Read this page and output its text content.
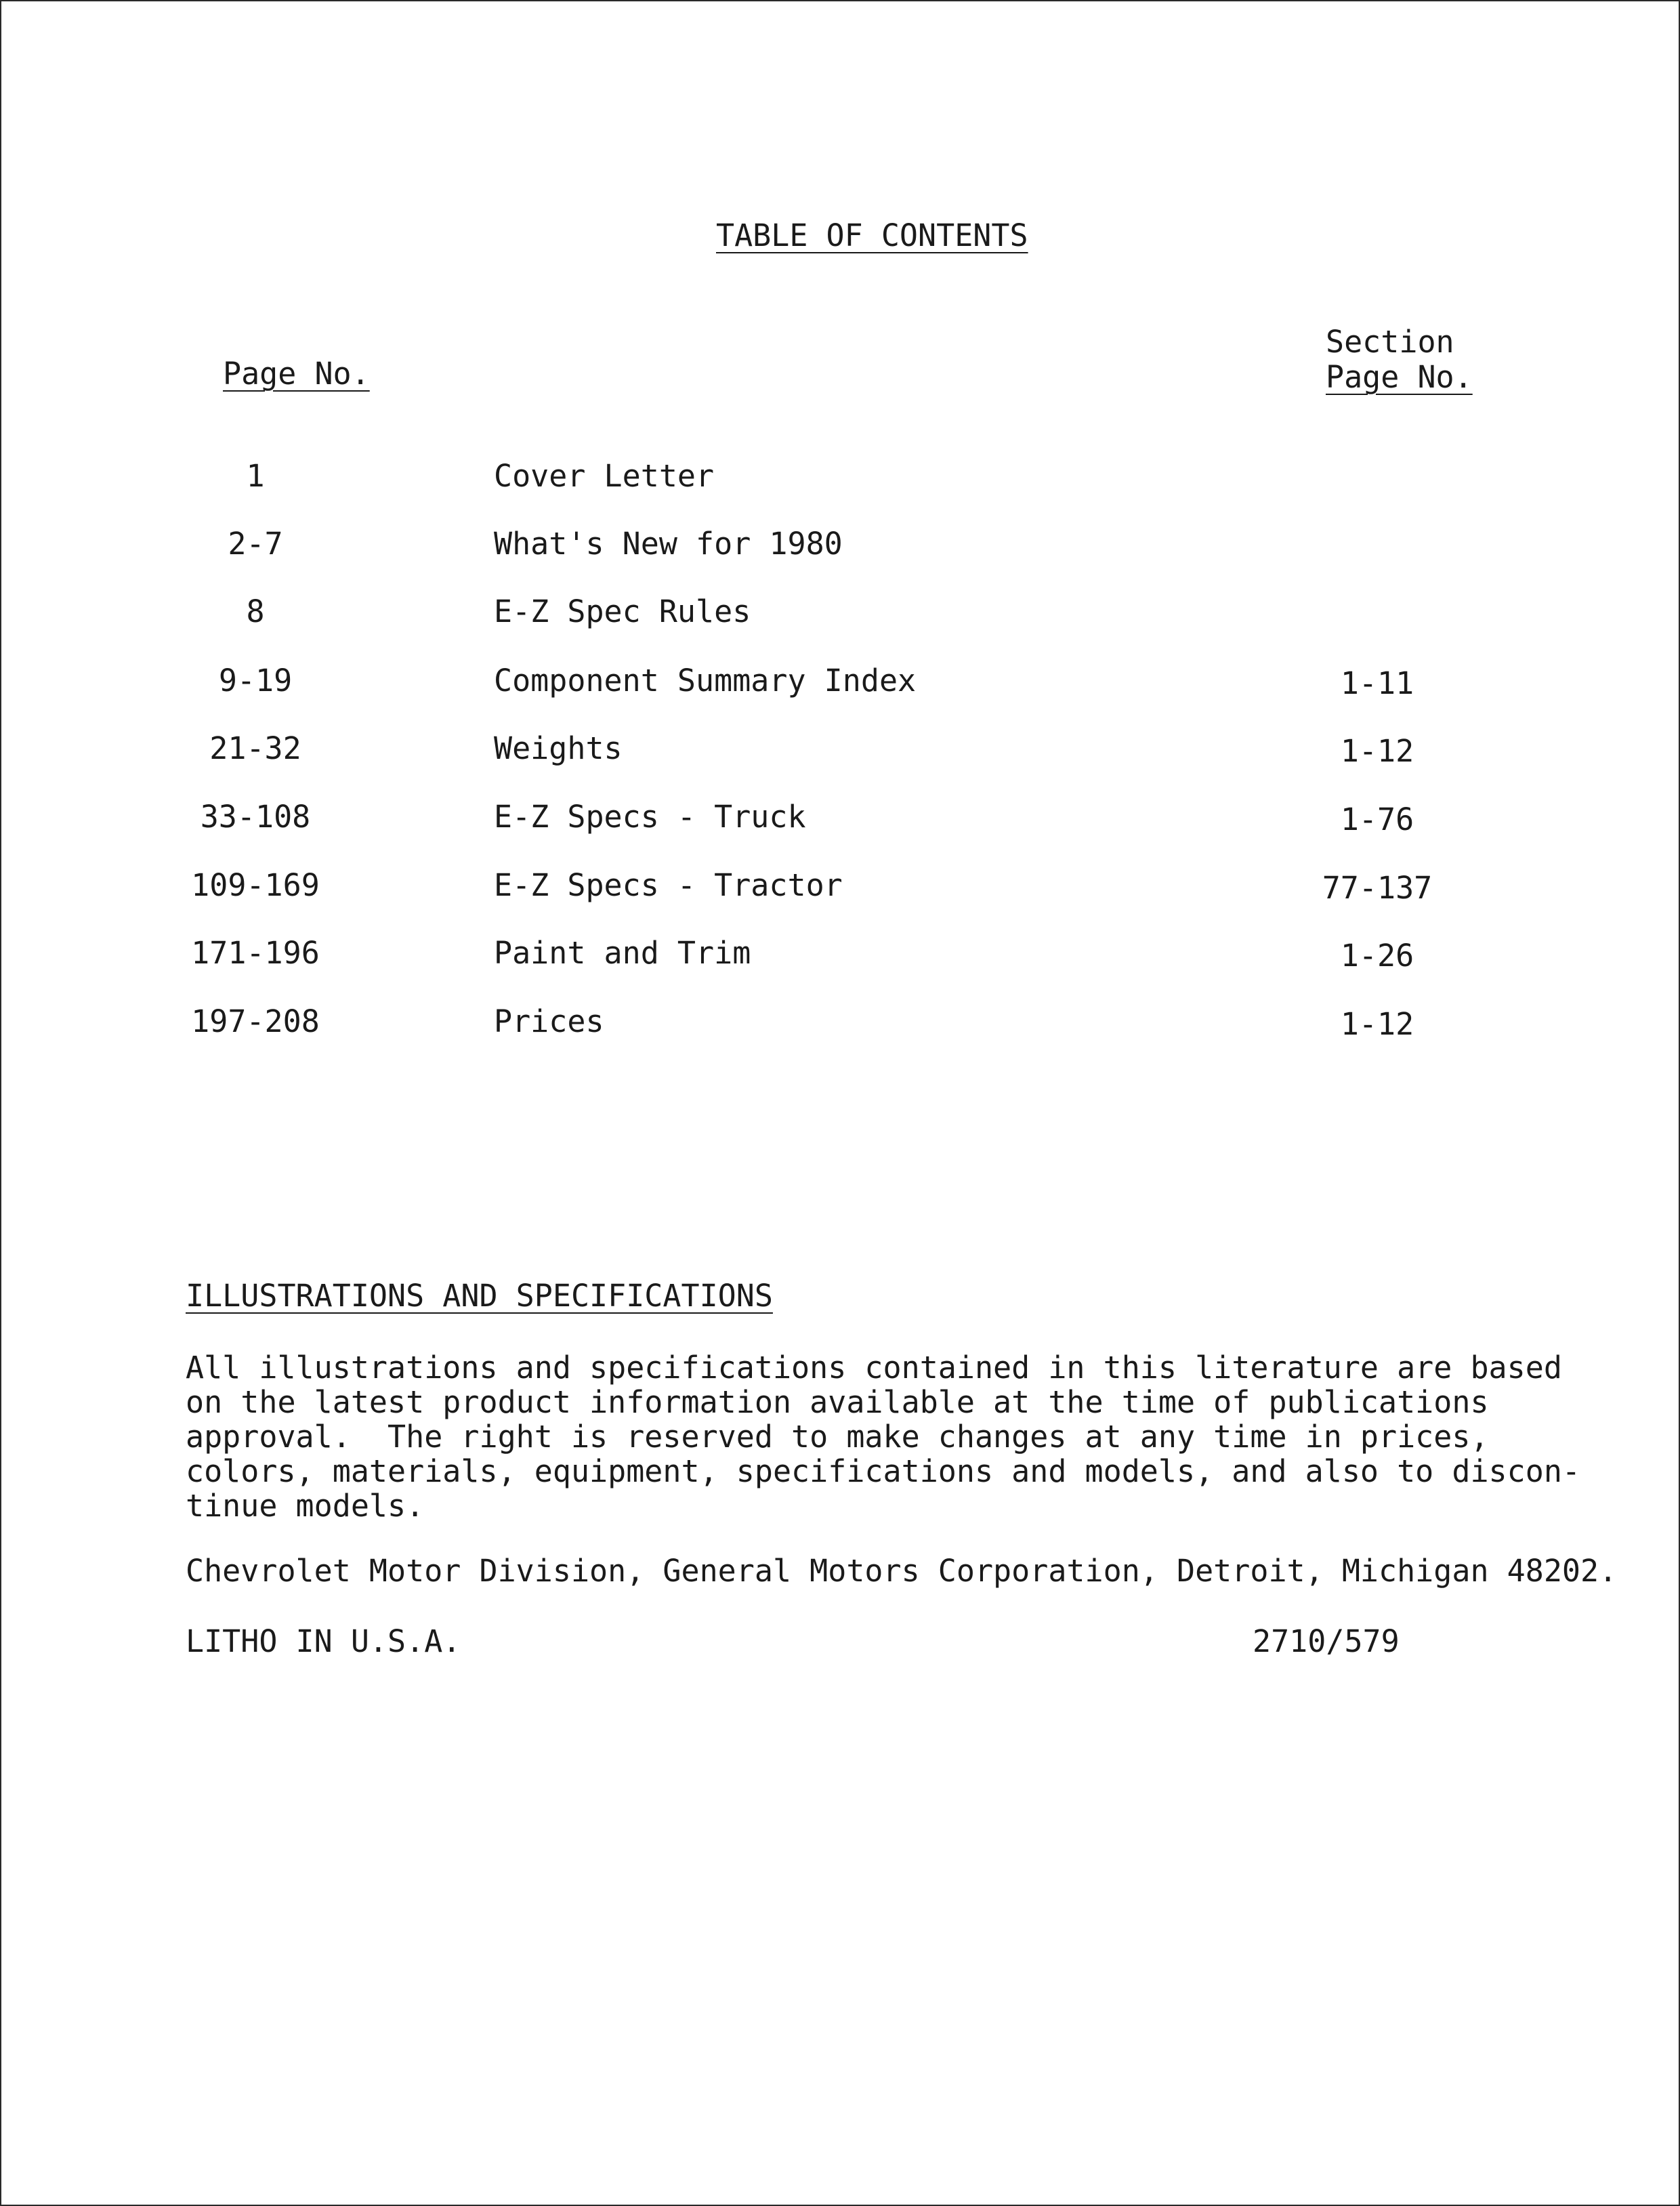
TABLE OF CONTENTS
Page No.
Section
Page No.
1	Cover Letter
2-7	What's New for 1980
8	E-Z Spec Rules
9-19	Component Summary Index	1-11
21-32	Weights	1-12
33-108	E-Z Specs - Truck	1-76
109-169	E-Z Specs - Tractor	77-137
171-196	Paint and Trim	1-26
197-208	Prices	1-12
ILLUSTRATIONS AND SPECIFICATIONS
All illustrations and specifications contained in this literature are based
on the latest product information available at the time of publications
approval.  The right is reserved to make changes at any time in prices,
colors, materials, equipment, specifications and models, and also to discon-
tinue models.
Chevrolet Motor Division, General Motors Corporation, Detroit, Michigan 48202.
LITHO IN U.S.A.	2710/579
